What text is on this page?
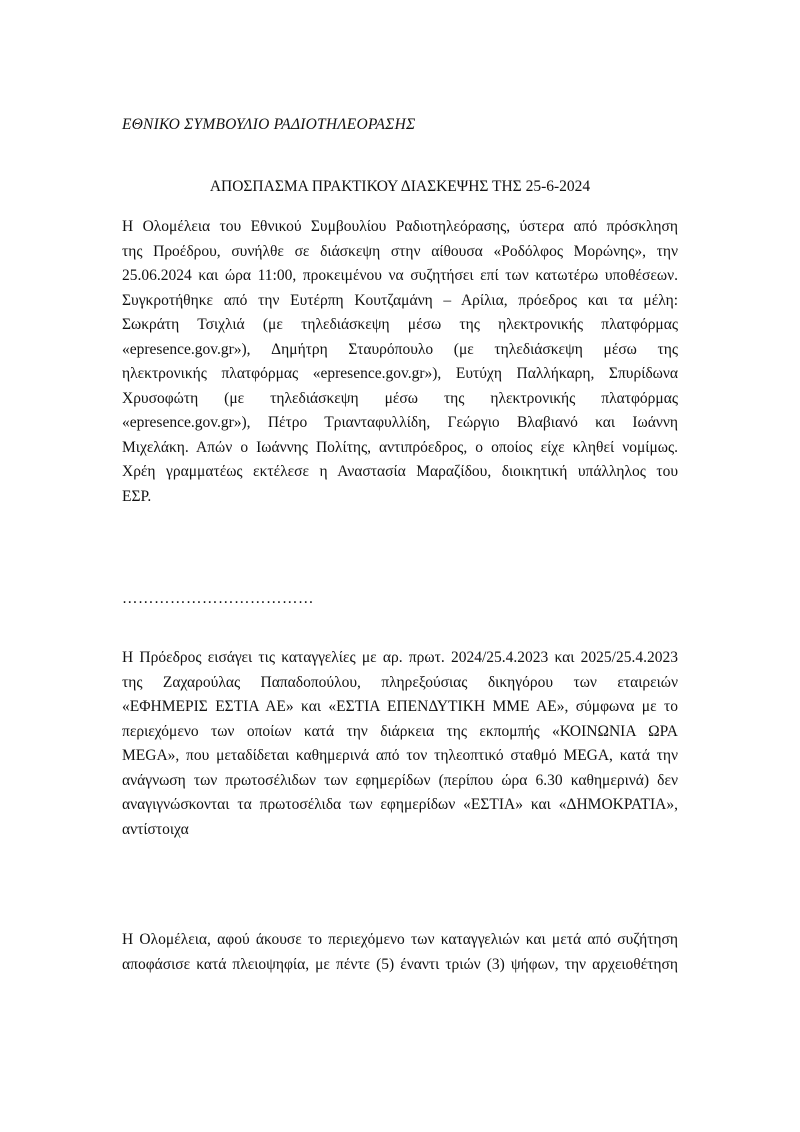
ΕΘΝΙΚΟ ΣΥΜΒΟΥΛΙΟ ΡΑΔΙΟΤΗΛΕΟΡΑΣΗΣ
ΑΠΟΣΠΑΣΜΑ ΠΡΑΚΤΙΚΟΥ ΔΙΑΣΚΕΨΗΣ ΤΗΣ 25-6-2024

Η Ολομέλεια του Εθνικού Συμβουλίου Ραδιοτηλεόρασης, ύστερα από πρόσκληση
της Προέδρου, συνήλθε σε διάσκεψη στην αίθουσα «Ροδόλφος Μορώνης», την
25.06.2024 και ώρα 11:00, προκειμένου να συζητήσει επί των κατωτέρω υποθέσεων.
Συγκροτήθηκε από την Ευτέρπη Κουτζαμάνη – Αρίλια, πρόεδρος και τα μέλη:
Σωκράτη Τσιχλιά (με τηλεδιάσκεψη μέσω της ηλεκτρονικής πλατφόρμας
«epresence.gov.gr»), Δημήτρη Σταυρόπουλο (με τηλεδιάσκεψη μέσω της
ηλεκτρονικής πλατφόρμας «epresence.gov.gr»), Ευτύχη Παλλήκαρη, Σπυρίδωνα
Χρυσοφώτη (με τηλεδιάσκεψη μέσω της ηλεκτρονικής πλατφόρμας
«epresence.gov.gr»), Πέτρο Τριανταφυλλίδη, Γεώργιο Βλαβιανό και Ιωάννη
Μιχελάκη. Απών ο Ιωάννης Πολίτης, αντιπρόεδρος, ο οποίος είχε κληθεί νομίμως.
Χρέη γραμματέως εκτέλεσε η Αναστασία Μαραζίδου, διοικητική υπάλληλος του
ΕΣΡ.

………………………………

Η Πρόεδρος εισάγει τις καταγγελίες με αρ. πρωτ. 2024/25.4.2023 και 2025/25.4.2023
της Ζαχαρούλας Παπαδοπούλου, πληρεξούσιας δικηγόρου των εταιρειών
«ΕΦΗΜΕΡΙΣ ΕΣΤΙΑ ΑΕ» και «ΕΣΤΙΑ ΕΠΕΝΔΥΤΙΚΗ ΜΜΕ ΑΕ», σύμφωνα με το
περιεχόμενο των οποίων κατά την διάρκεια της εκπομπής «ΚΟΙΝΩΝΙΑ ΩΡΑ
MEGA», που μεταδίδεται καθημερινά από τον τηλεοπτικό σταθμό MEGA, κατά την
ανάγνωση των πρωτοσέλιδων των εφημερίδων (περίπου ώρα 6.30 καθημερινά) δεν
αναγιγνώσκονται τα πρωτοσέλιδα των εφημερίδων «ΕΣΤΙΑ» και «ΔΗΜΟΚΡΑΤΙΑ»,
αντίστοιχα

Η Ολομέλεια, αφού άκουσε το περιεχόμενο των καταγγελιών και μετά από συζήτηση
αποφάσισε κατά πλειοψηφία, με πέντε (5) έναντι τριών (3) ψήφων, την αρχειοθέτηση
